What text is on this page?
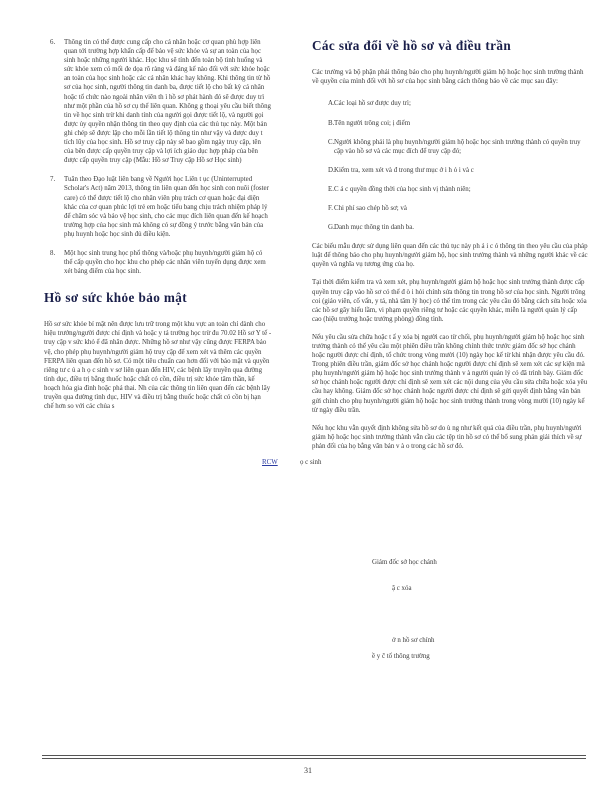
6. Thông tin có thể được cung cấp cho cá nhân hoặc cơ quan phù hợp liên quan tới trường hợp khẩn cấp để bảo vệ sức khỏe và sự an toàn của học sinh hoặc những người khác. Học khu sẽ tính đến toàn bộ tình huống và sức khỏe xem có mối đe dọa rõ ràng và đáng kể nào đối với sức khỏe hoặc an toàn của học sinh hoặc các cá nhân khác hay không. Khi thông tin từ hồ sơ của học sinh, người thông tin danh ba, được tiết lộ cho bất kỳ cá nhân hoặc tổ chức nào ngoài nhân viên th ì hồ sơ phát hành đó sẽ được duy trì như một phần của hồ sơ cụ thể liên quan. Không g thoại yêu cầu biết thông tin về học sinh trừ khi danh tính của người gọi được tiết lộ, và người gọi được ủy quyền nhận thông tin theo quy định của các thủ tục này. Một bản ghi chép sẽ được lập cho mỗi lần tiết lộ thông tin như vậy và được duy t tích lũy của học sinh. Hồ sơ truy cập này sẽ bao gồm ngày truy cập, tên của bên được cấp quyền truy cập và lợi ích giáo dục hợp pháp của bên được cấp quyền truy cập (Mẫu: Hồ sơ Truy cập Hồ sơ Học sinh)
7. Tuân theo Đạo luật liên bang về Người học Liên t ục (Uninterrupted Scholar's Act) năm 2013, thông tin liên quan đến học sinh con nuôi (foster care) có thể được tiết lộ cho nhân viên phụ trách cơ quan hoặc đại diện khác của cơ quan phúc lợi trẻ em hoặc tiểu bang chịu trách nhiệm pháp lý để chăm sóc và bảo vệ học sinh, cho các mục đích liên quan đến kế hoạch trường hợp của học sinh mà không có sự đồng ý trước bằng văn bản của phụ huynh hoặc học sinh đủ điều kiện.
8. Một học sinh trung học phổ thông và/hoặc phụ huynh/người giám hộ có thể cấp quyền cho học khu cho phép các nhân viên tuyển dụng được xem xét bảng điểm của học sinh.
Hồ sơ sức khỏe bảo mật

Hồ sơ sức khỏe bí mật nên được lưu trữ trong một khu vực an toàn chỉ dành cho hiệu trưởng/người được chỉ định và hoặc y tá trường học trừ đu 70.02 Hồ sơ Y tế - truy cập v sức khỏ ể đã nhân được. Những hồ sơ như vậy cũng được FERPA bảo vệ, cho phép phụ huynh/người giám hộ truy cập để xem xét và thêm các quyền FERPA liên quan đến hồ sơ. Có một tiêu chuẩn cao hơn đối với bảo mật và quyền riêng tư c ủ a h ọ c sinh v sơ liên quan đến HIV, các bệnh lây truyền qua đường tình dục, điều trị bằng thuốc hoặc chất có cồn, điều trị sức khỏe tâm thần, kế hoạch hóa gia đình hoặc phá thai. Nh của các thông tin liên quan đến các bệnh lây truyền qua đường tình dục, HIV và điều trị bằng thuốc hoặc chất có cồn bị hạn chế hơn so với các chủa s

Các sửa đổi về hồ sơ và điều trần

Các trường và bộ phận phải thông báo cho phụ huynh/người giám hộ hoặc học sinh trường thành về quyền của mình đối với hồ sơ của học sinh bằng cách thông báo về các mục sau đây:

A. Các loại hồ sơ được duy trì;
B. Tên người trông coi; ị điểm
C. Người không phải là phụ huynh/người giám hộ hoặc học sinh trưởng thành có quyền truy cập vào hồ sơ và các mục đích để truy cập đó;
D. Kiểm tra, xem xét và đ trong thư mục ớ i h ỏ i và c
E. C á c quyền đồng thời của học sinh vị thành niên;
F. Chi phí sao chép hồ sơ; và
G. Danh mục thông tin danh ba.

Các biểu mẫu được sử dụng liên quan đến các thủ tục này ph ả i c ó thông tin theo yêu cầu của pháp luật để thông báo cho phụ huynh/người giám hộ, học sinh trưởng thành và những người khác về các quyền và nghĩa vụ tương ứng của họ.

Tại thời điểm kiểm tra và xem xét, phụ huynh/người giám hộ hoặc học sinh trưởng thành được cấp quyền truy cập vào hồ sơ có thể đ ò i hỏi chính sửa thông tin trong hồ sơ của học sinh. Người trông coi (giáo viên, cố vấn, y tá, nhà tâm lý học) có thể tìm trong các yêu cầu đó bằng cách sửa hoặc xóa các hồ sơ gây hiểu lầm, vi phạm quyền riêng tư hoặc các quyền khác, miễn là người quản lý cấp cao (hiệu trưởng hoặc trưởng phòng) đồng tình.

Nếu yêu cầu sửa chữa hoặc t ấ y xóa bị người cao từ chối, phụ huynh/người giám hộ hoặc học sinh trưởng thành có thể yêu cầu một phiên điều trần không chính thức trước giám đốc sở học chánh hoặc người được chỉ định, tổ chức trong vòng mười (10) ngày học kể từ khi nhận được yêu cầu đó. Trong phiên điều trần, giám đốc sở học chánh hoặc người được chỉ định sẽ xem xét các sự kiện mà phụ huynh/người giám hộ hoặc học sinh trưởng thành v à người quản lý có đã trình bày. Giám đốc sở học chánh hoặc người được chỉ định sẽ xem xét các nội dung của yêu cầu sửa chữa hoặc xóa yêu cầu hay không. Giám đốc sở học chánh hoặc người được chỉ định sẽ gửi quyết định bằng văn bản gửi chính cho phụ huynh/người giám hộ hoặc học sinh trưởng thành trong vòng mười (10) ngày kể từ ngày điều trần.

Nếu học khu vẫn quyết định không sửa hồ sơ do ù ng như kết quả của điều trần, phụ huynh/người giám hộ hoặc học sinh trưởng thành vẫn cầu các tệp tin hồ sơ có thể bổ sung phản giải thích về sự phản đối của họ bằng văn bản v à o trong các hồ sơ đó.

RCW	ọ c sinh
Giám đốc sở học chánh
ặ c xóa
ở n hồ sơ chính
ề y ĉ tố thông trường
31
